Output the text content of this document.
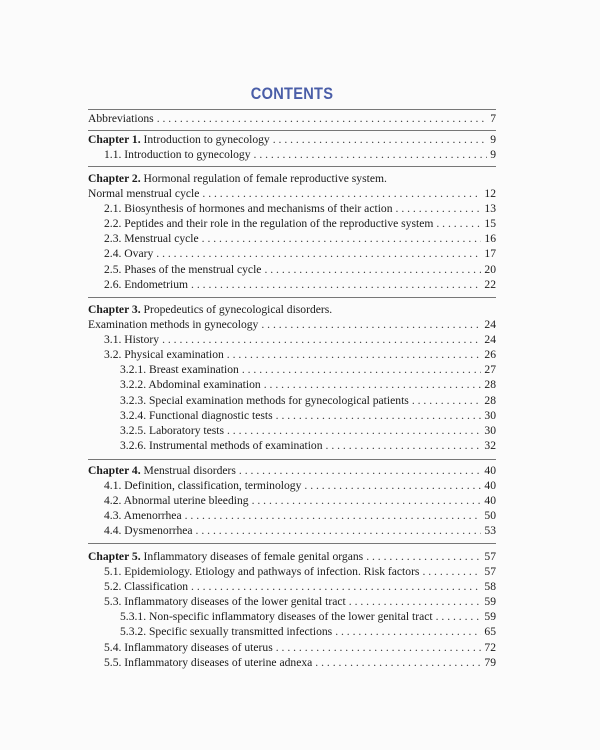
CONTENTS
Abbreviations . . .	7
Chapter 1. Introduction to gynecology . . .	9
1.1. Introduction to gynecology . . .	9
Chapter 2. Hormonal regulation of female reproductive system.
Normal menstrual cycle . . .	12
2.1. Biosynthesis of hormones and mechanisms of their action . . .	13
2.2. Peptides and their role in the regulation of the reproductive system . . .	15
2.3. Menstrual cycle . . .	16
2.4. Ovary . . .	17
2.5. Phases of the menstrual cycle . . .	20
2.6. Endometrium . . .	22
Chapter 3. Propedeutics of gynecological disorders.
Examination methods in gynecology . . .	24
3.1. History . . .	24
3.2. Physical examination . . .	26
3.2.1. Breast examination . . .	27
3.2.2. Abdominal examination . . .	28
3.2.3. Special examination methods for gynecological patients . . .	28
3.2.4. Functional diagnostic tests . . .	30
3.2.5. Laboratory tests . . .	30
3.2.6. Instrumental methods of examination . . .	32
Chapter 4. Menstrual disorders . . .	40
4.1. Definition, classification, terminology . . .	40
4.2. Abnormal uterine bleeding . . .	40
4.3. Amenorrhea . . .	50
4.4. Dysmenorrhea . . .	53
Chapter 5. Inflammatory diseases of female genital organs . . .	57
5.1. Epidemiology. Etiology and pathways of infection. Risk factors . . .	57
5.2. Classification . . .	58
5.3. Inflammatory diseases of the lower genital tract . . .	59
5.3.1. Non-specific inflammatory diseases of the lower genital tract . . .	59
5.3.2. Specific sexually transmitted infections . . .	65
5.4. Inflammatory diseases of uterus . . .	72
5.5. Inflammatory diseases of uterine adnexa . . .	79
